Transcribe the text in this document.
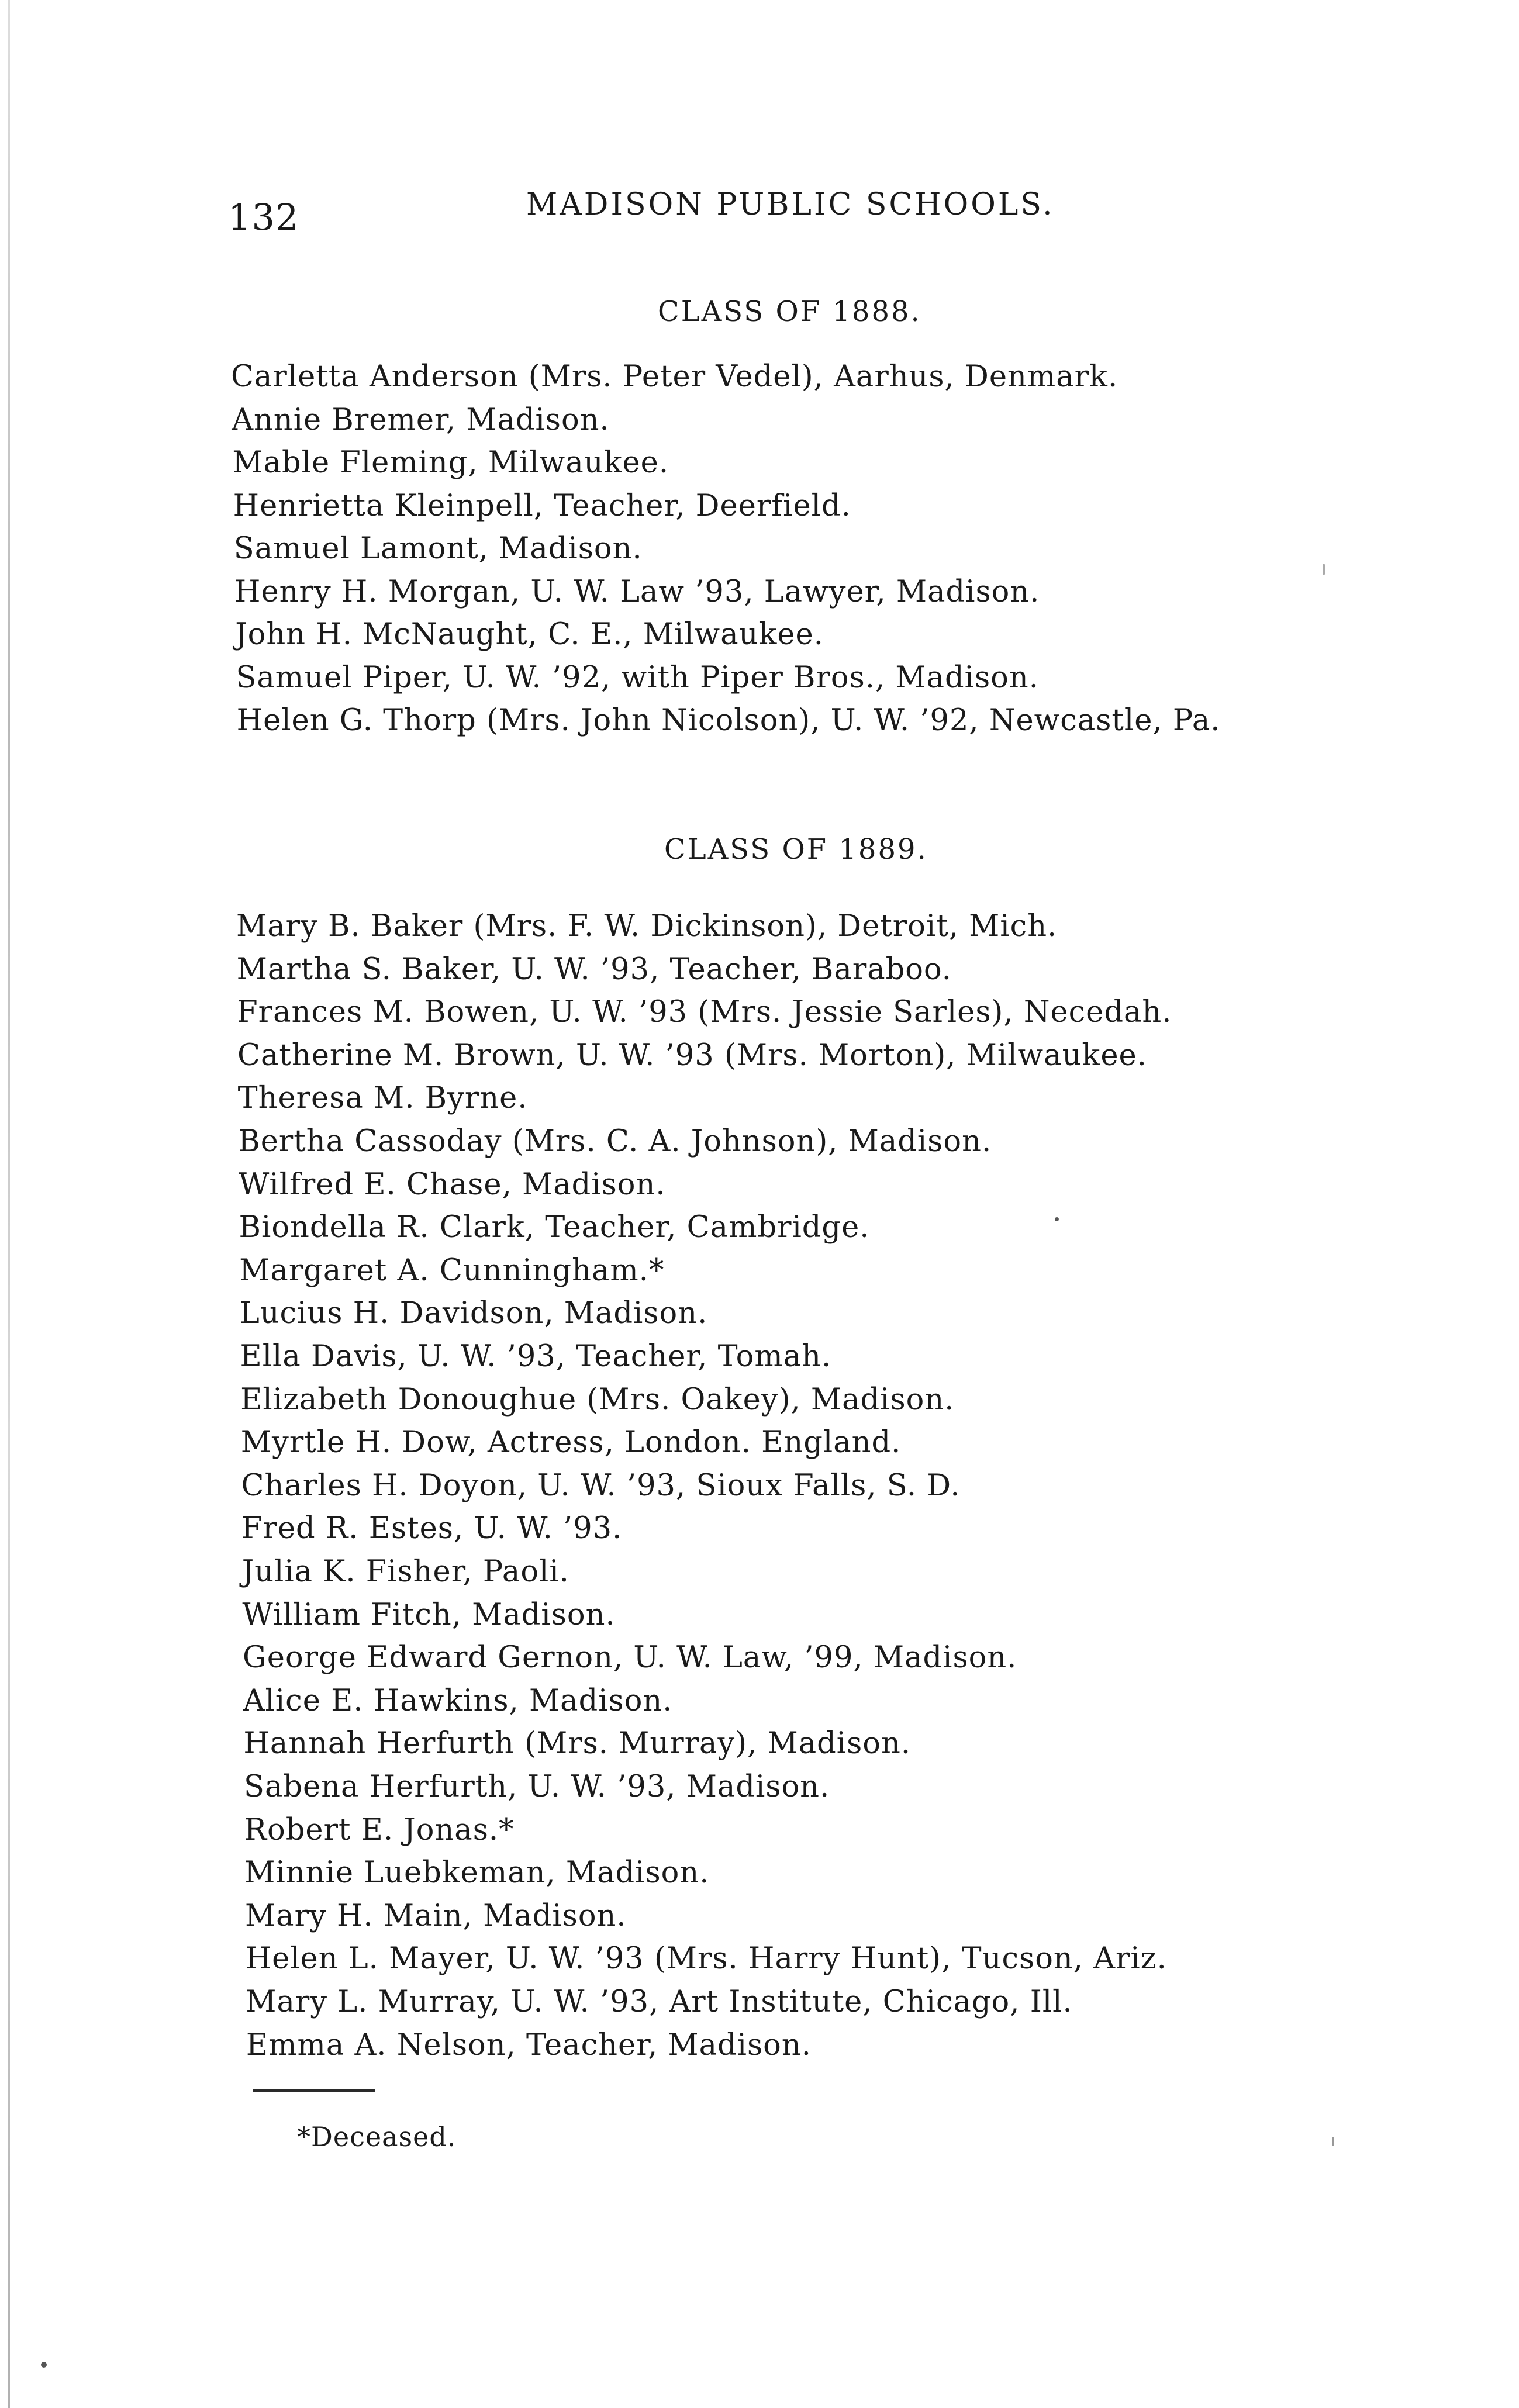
132	MADISON PUBLIC SCHOOLS.
CLASS OF 1888.
Carletta Anderson (Mrs. Peter Vedel), Aarhus, Denmark.
Annie Bremer, Madison.
Mable Fleming, Milwaukee.
Henrietta Kleinpell, Teacher, Deerfield.
Samuel Lamont, Madison.
Henry H. Morgan, U. W. Law ’93, Lawyer, Madison.
John H. McNaught, C. E., Milwaukee.
Samuel Piper, U. W. ’92, with Piper Bros., Madison.
Helen G. Thorp (Mrs. John Nicolson), U. W. ’92, Newcastle, Pa.
CLASS OF 1889.
Mary B. Baker (Mrs. F. W. Dickinson), Detroit, Mich.
Martha S. Baker, U. W. ’93, Teacher, Baraboo.
Frances M. Bowen, U. W. ’93 (Mrs. Jessie Sarles), Necedah.
Catherine M. Brown, U. W. ’93 (Mrs. Morton), Milwaukee.
Theresa M. Byrne.
Bertha Cassoday (Mrs. C. A. Johnson), Madison.
Wilfred E. Chase, Madison.
Biondella R. Clark, Teacher, Cambridge.
Margaret A. Cunningham.*
Lucius H. Davidson, Madison.
Ella Davis, U. W. ’93, Teacher, Tomah.
Elizabeth Donoughue (Mrs. Oakey), Madison.
Myrtle H. Dow, Actress, London. England.
Charles H. Doyon, U. W. ’93, Sioux Falls, S. D.
Fred R. Estes, U. W. ’93.
Julia K. Fisher, Paoli.
William Fitch, Madison.
George Edward Gernon, U. W. Law, ’99, Madison.
Alice E. Hawkins, Madison.
Hannah Herfurth (Mrs. Murray), Madison.
Sabena Herfurth, U. W. ’93, Madison.
Robert E. Jonas.*
Minnie Luebkeman, Madison.
Mary H. Main, Madison.
Helen L. Mayer, U. W. ’93 (Mrs. Harry Hunt), Tucson, Ariz.
Mary L. Murray, U. W. ’93, Art Institute, Chicago, Ill.
Emma A. Nelson, Teacher, Madison.
*Deceased.
